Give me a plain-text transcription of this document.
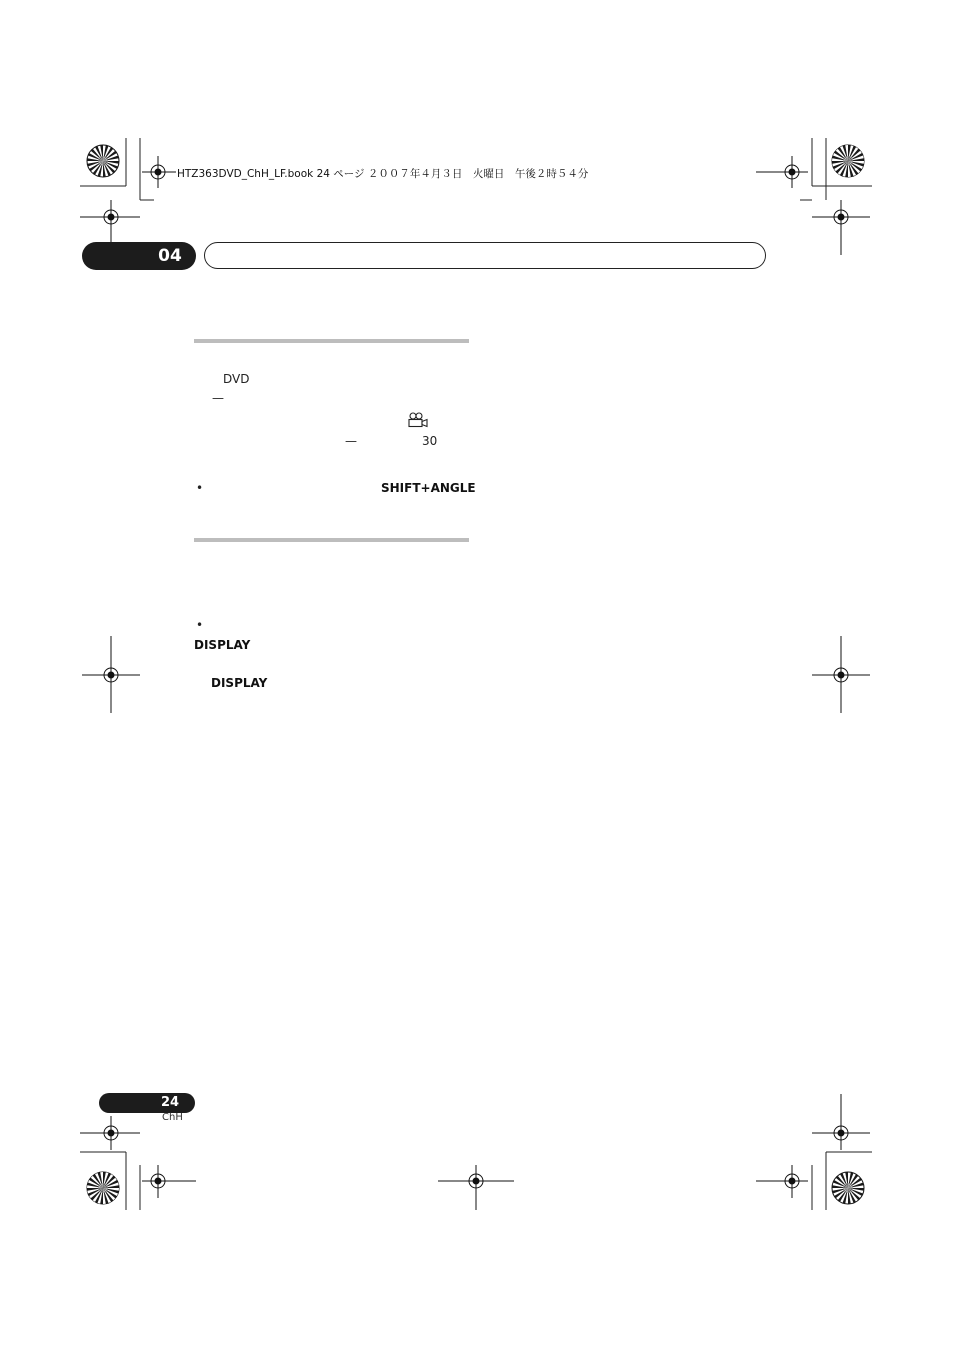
HTZ363DVD_ChH_LF.book 24 ページ ２００７年４月３日　火曜日　午後２時５４分
04
DVD
—
—	30
•	SHIFT+ANGLE
•
DISPLAY
DISPLAY
24
ChH
